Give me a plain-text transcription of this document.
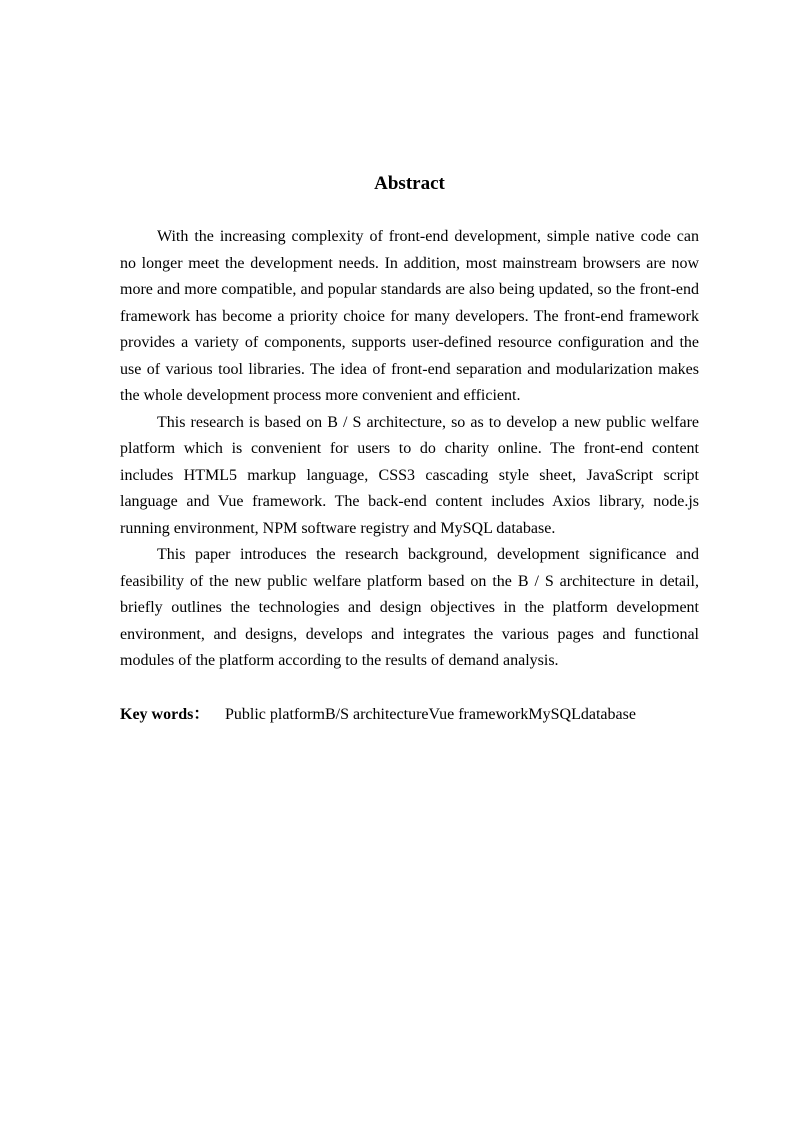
Abstract

With the increasing complexity of front-end development, simple native code can no longer meet the development needs. In addition, most mainstream browsers are now more and more compatible, and popular standards are also being updated, so the front-end framework has become a priority choice for many developers. The front-end framework provides a variety of components, supports user-defined resource configuration and the use of various tool libraries. The idea of front-end separation and modularization makes the whole development process more convenient and efficient.

This research is based on B / S architecture, so as to develop a new public welfare platform which is convenient for users to do charity online. The front-end content includes HTML5 markup language, CSS3 cascading style sheet, JavaScript script language and Vue framework. The back-end content includes Axios library, node.js running environment, NPM software registry and MySQL database.

This paper introduces the research background, development significance and feasibility of the new public welfare platform based on the B / S architecture in detail, briefly outlines the technologies and design objectives in the platform development environment, and designs, develops and integrates the various pages and functional modules of the platform according to the results of demand analysis.

Key words： Public platform B/S architecture Vue framework MySQL database
